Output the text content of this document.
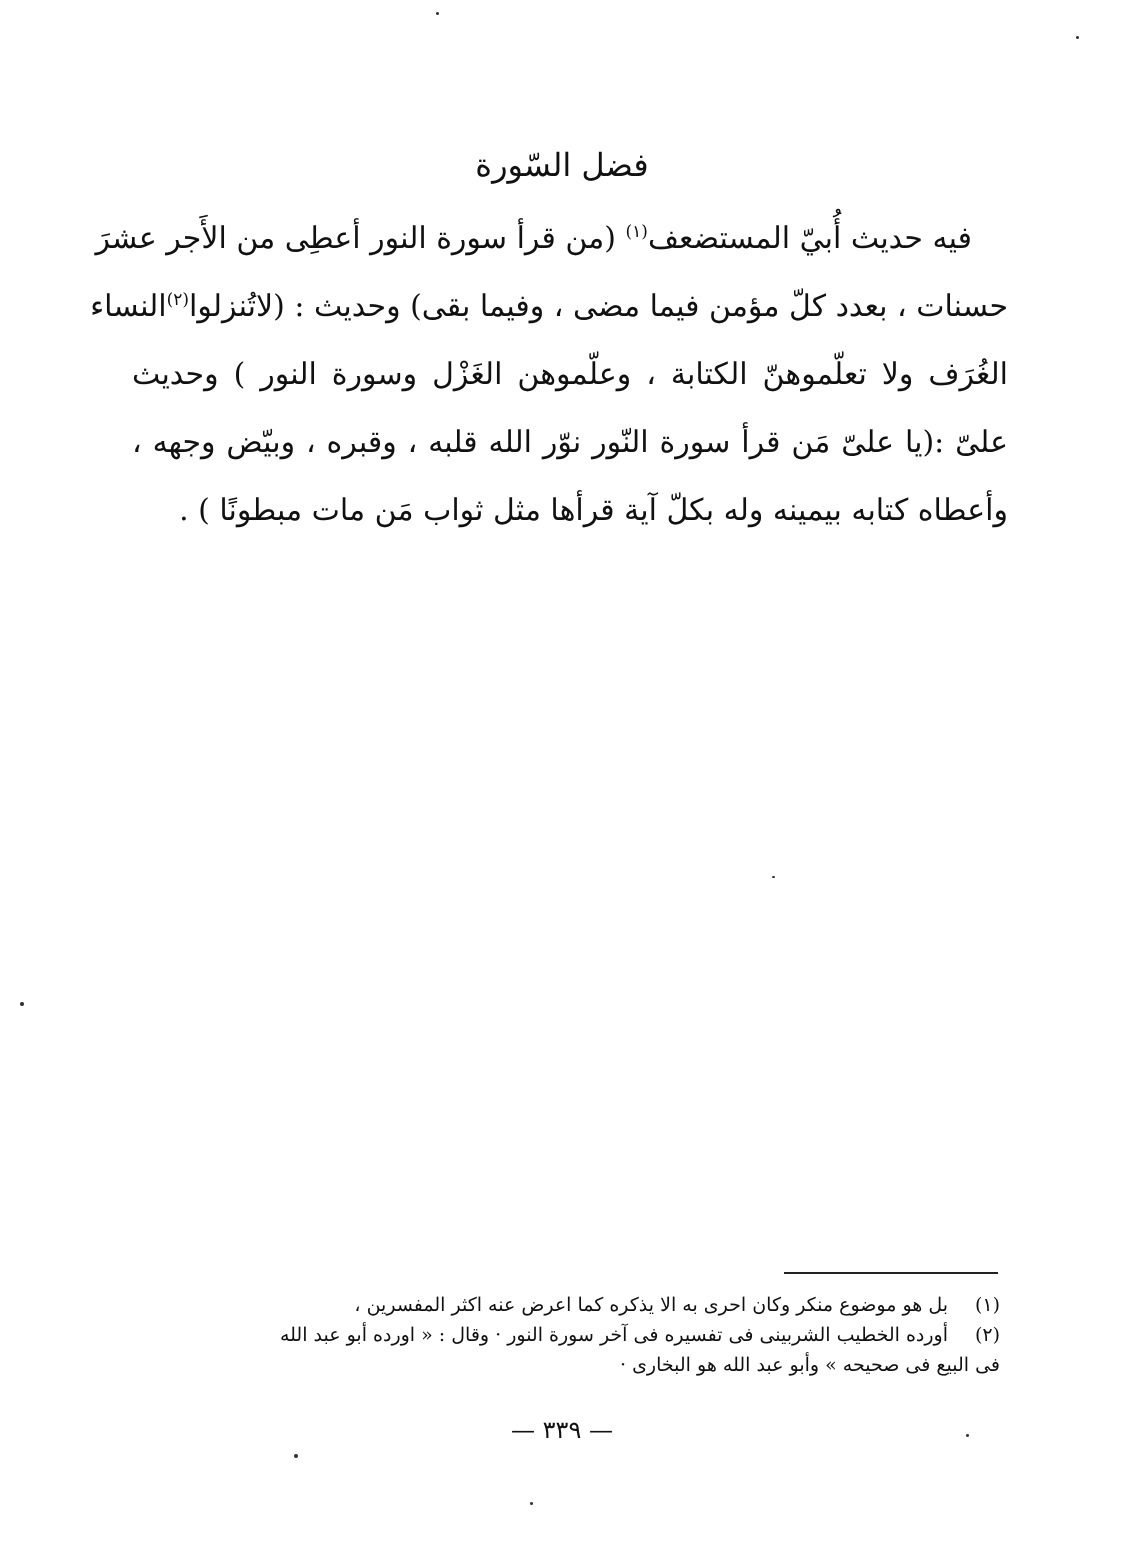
فضل السّورة
فيه حديث أُبيّ المستضعف$^{(١)}$ (من قرأ سورة النور أعطِى من الأَجر عشرَ
حسنات ، بعدد كلّ مؤمن فيما مضى ، وفيما بقى) وحديث : (لاتُنزلوا$^{(٢)}$النساء
الغُرَف ولا تعلّموهنّ الكتابة ، وعلّموهن الغَزْل وسورة النور ) وحديث
علىّ :(يا علىّ مَن قرأ سورة النّور نوّر الله قلبه ، وقبره ، وبيّض وجهه ،
وأعطاه كتابه بيمينه وله بكلّ آية قرأها مثل ثواب مَن مات مبطونًا ) .
(١)بل هو موضوع منكر وكان احرى به الا يذكره كما اعرض عنه اكثر المفسرين ،
(٢)أورده الخطيب الشربينى فى تفسيره فى آخر سورة النور · وقال : « اورده أبو عبد الله
فى البيع فى صحيحه » وأبو عبد الله هو البخارى ·
— ٣٣٩ —
